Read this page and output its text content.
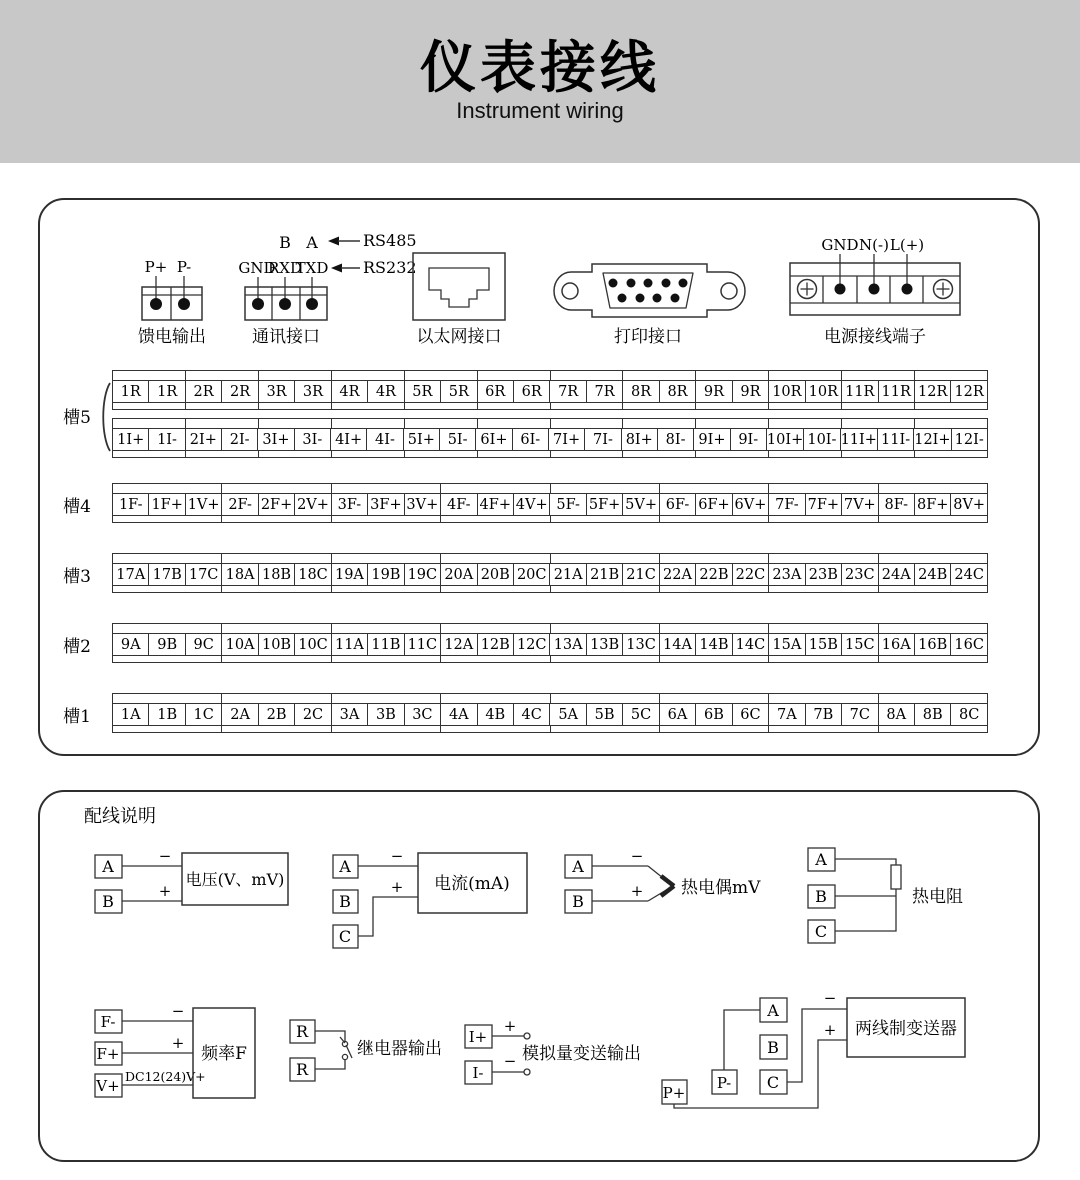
仪表接线
Instrument wiring
P+ P-
馈电输出
B A
GND
RXD
TXD
RS485
RS232
通讯接口	以太网接口	打印接口
GND N(-) L(+)
电源接线端子
槽5
1R	1R	2R	2R	3R	3R	4R	4R	5R	5R	6R	6R	7R	7R	8R	8R	9R	9R 10R 10R 11R 11R 12R 12R
1I+ 1I- 2I+ 2I- 3I+ 3I- 4I+ 4I- 5I+ 5I- 6I+ 6I- 7I+ 7I- 8I+ 8I- 9I+ 9I- 10I+ 10I- 11I+ 11I- 12I+ 12I-
槽4	1F- 1F+ 1V+ 2F- 2F+ 2V+ 3F- 3F+ 3V+ 4F- 4F+ 4V+ 5F- 5F+ 5V+ 6F- 6F+ 6V+ 7F- 7F+ 7V+ 8F- 8F+ 8V+
槽3	17A 17B 17C 18A 18B 18C 19A 19B 19C 20A 20B 20C 21A 21B 21C 22A 22B 22C 23A 23B 23C 24A 24B 24C
槽2	9A	9B	9C 10A 10B 10C 11A 11B 11C 12A 12B 12C 13A 13B 13C 14A 14B 14C 15A 15B 15C 16A 16B 16C
槽1	1A	1B	1C	2A	2B	2C	3A	3B	3C	4A	4B	4C	5A	5B	5C	6A	6B	6C	7A	7B	7C	8A	8B	8C
配线说明
A
B
−
+
电压(V、mV)
A
B
C
−
+ 电流(mA)
A
B
−
+ 热电偶mV
A
B
C
热电阻
F-
F+
V+
−
+
DC12(24)V+
频率F
R
R
继电器输出
I+
I-
+
− 模拟量变送输出
A
B
C
P+
P-
−
+ 两线制变送器
